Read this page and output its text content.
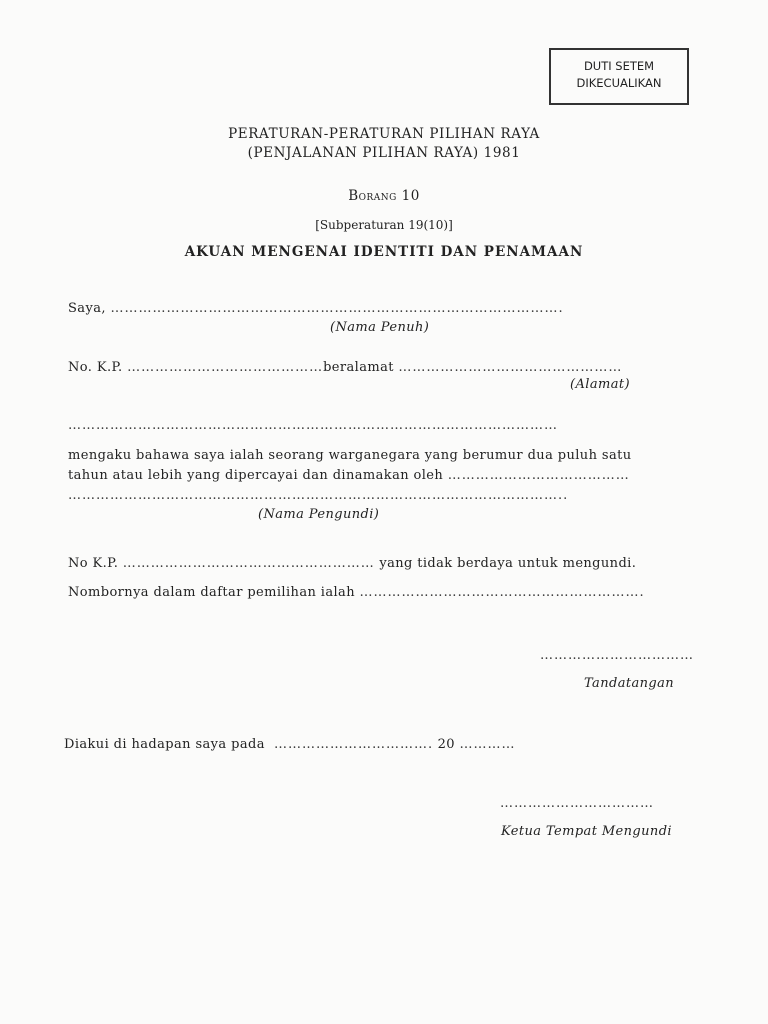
DUTI SETEM
DIKECUALIKAN
PERATURAN-PERATURAN PILIHAN RAYA
(PENJALANAN PILIHAN RAYA) 1981
Borang 10
[Subperaturan 19(10)]
AKUAN MENGENAI IDENTITI DAN PENAMAAN
Saya, …………………………………………………………………………………….
(Nama Penuh)
No. K.P. ……………………………………beralamat …………………………………………
(Alamat)
……………………………………………………………………………………………
mengaku bahawa saya ialah seorang warganegara yang berumur dua puluh satu
tahun atau lebih yang dipercayai dan dinamakan oleh …………………………………
……………………………………………………………………………………………..
(Nama Pengundi)
No K.P. ……………………………………………… yang tidak berdaya untuk mengundi.
Nombornya dalam daftar pemilihan ialah …………………………………………………….
……………………………
Tandatangan
Diakui di hadapan saya pada ……………………………. 20 …………
……………………………
Ketua Tempat Mengundi
